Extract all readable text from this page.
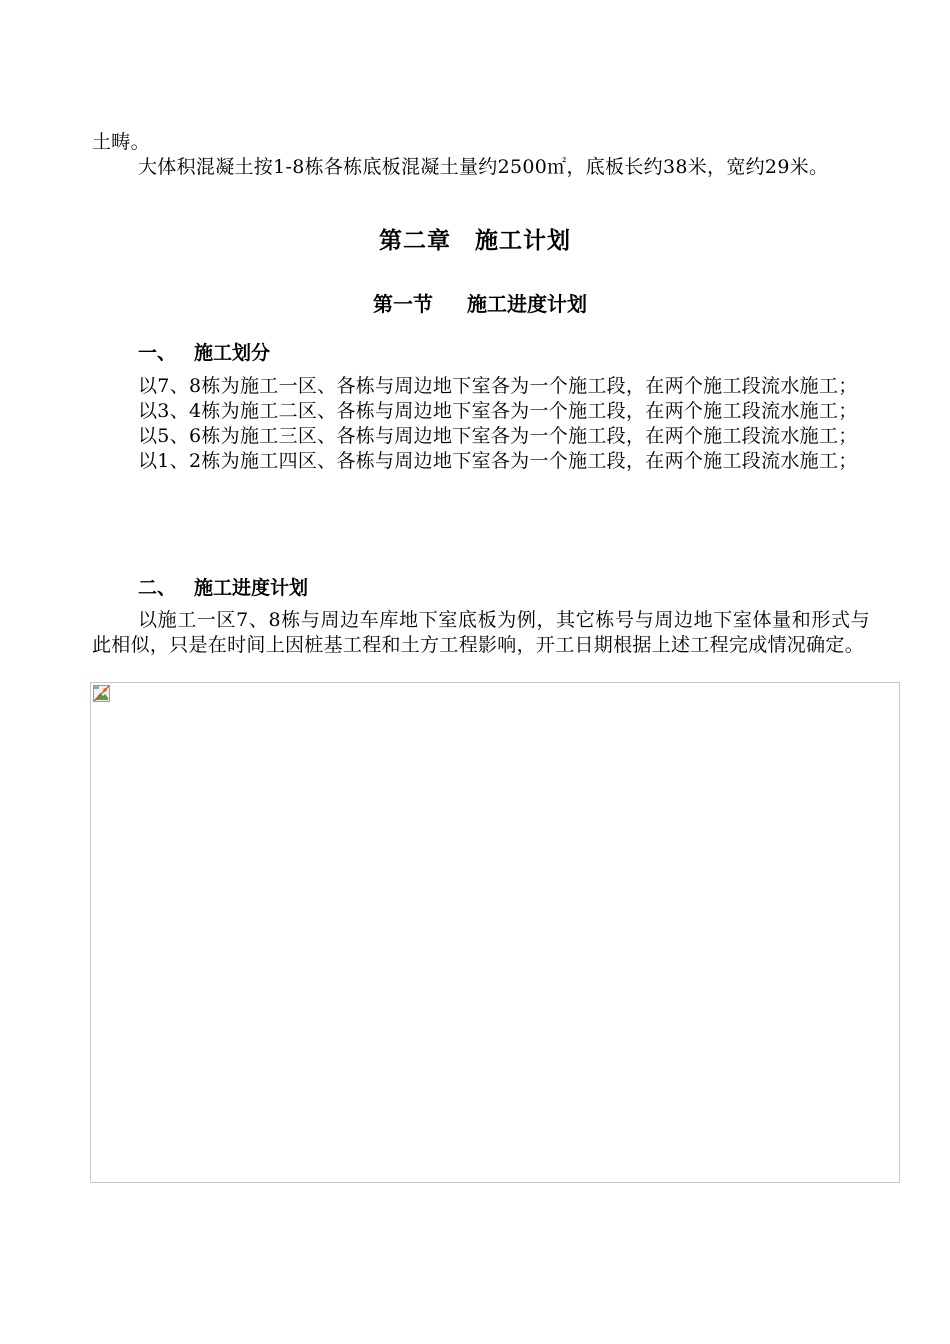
土畴。
大体积混凝土按1-8栋各栋底板混凝土量约2500㎡，底板长约38米，宽约29米。
第二章　施工计划
第一节 施工进度计划
一、 施工划分
以7、8栋为施工一区、各栋与周边地下室各为一个施工段，在两个施工段流水施工；
以3、4栋为施工二区、各栋与周边地下室各为一个施工段，在两个施工段流水施工；
以5、6栋为施工三区、各栋与周边地下室各为一个施工段，在两个施工段流水施工；
以1、2栋为施工四区、各栋与周边地下室各为一个施工段，在两个施工段流水施工；
二、 施工进度计划
以施工一区7、8栋与周边车库地下室底板为例，其它栋号与周边地下室体量和形式与此相似，只是在时间上因桩基工程和土方工程影响，开工日期根据上述工程完成情况确定。
